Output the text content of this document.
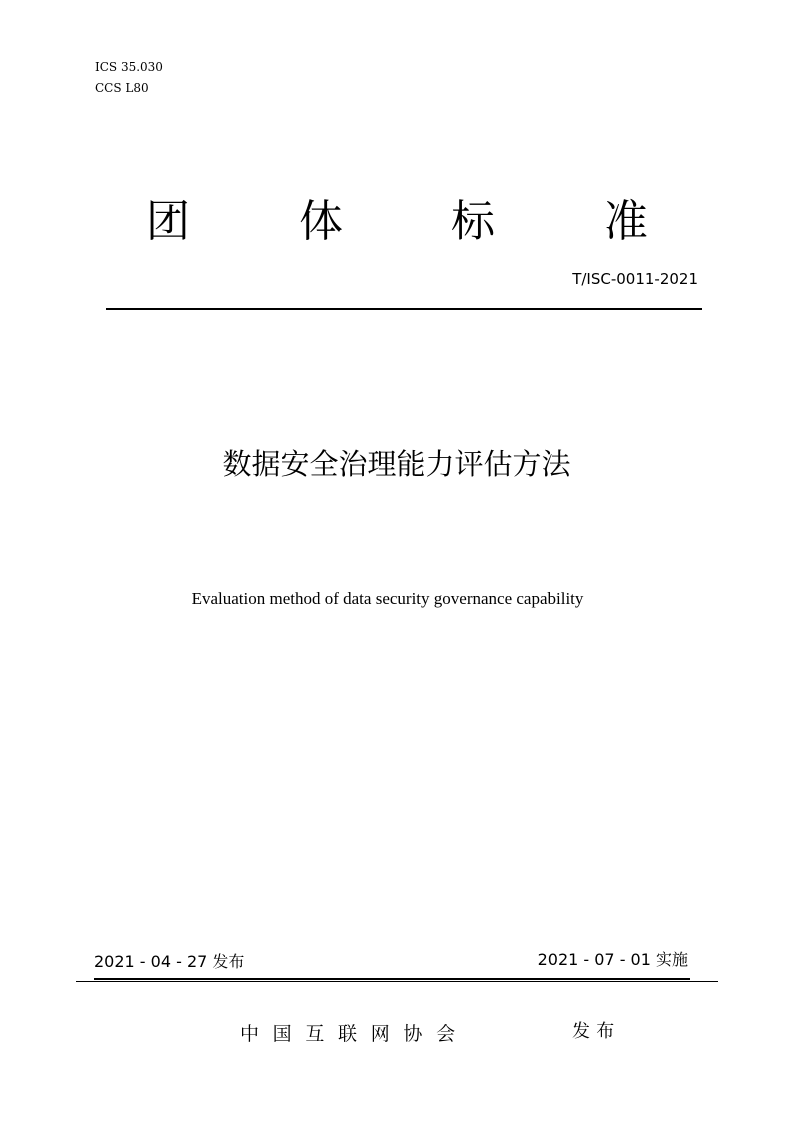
ICS 35.030
CCS L80
团 体 标 准
T/ISC-0011-2021
数据安全治理能力评估方法
Evaluation method of data security governance capability
2021 - 04 - 27 发布	2021 - 07 - 01 实施
中国互联网协会	发布
